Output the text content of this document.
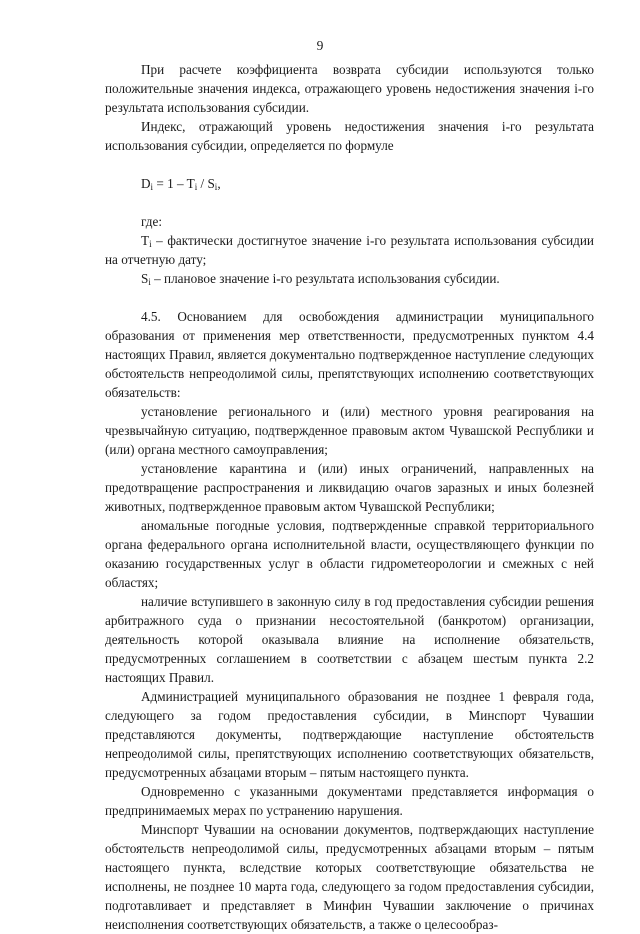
9

При расчете коэффициента возврата субсидии используются только положительные значения индекса, отражающего уровень недостижения значения i-го результата использования субсидии.

Индекс, отражающий уровень недостижения значения i-го результата использования субсидии, определяется по формуле

$D_i = 1 - T_i / S_i$,

где:

$T_i$ – фактически достигнутое значение i-го результата использования субсидии на отчетную дату;

$S_i$ – плановое значение i-го результата использования субсидии.

4.5. Основанием для освобождения администрации муниципального образования от применения мер ответственности, предусмотренных пунктом 4.4 настоящих Правил, является документально подтвержденное наступление следующих обстоятельств непреодолимой силы, препятствующих исполнению соответствующих обязательств:

установление регионального и (или) местного уровня реагирования на чрезвычайную ситуацию, подтвержденное правовым актом Чувашской Республики и (или) органа местного самоуправления;

установление карантина и (или) иных ограничений, направленных на предотвращение распространения и ликвидацию очагов заразных и иных болезней животных, подтвержденное правовым актом Чувашской Республики;

аномальные погодные условия, подтвержденные справкой территориального органа федерального органа исполнительной власти, осуществляющего функции по оказанию государственных услуг в области гидрометеорологии и смежных с ней областях;

наличие вступившего в законную силу в год предоставления субсидии решения арбитражного суда о признании несостоятельной (банкротом) организации, деятельность которой оказывала влияние на исполнение обязательств, предусмотренных соглашением в соответствии с абзацем шестым пункта 2.2 настоящих Правил.

Администрацией муниципального образования не позднее 1 февраля года, следующего за годом предоставления субсидии, в Минспорт Чувашии представляются документы, подтверждающие наступление обстоятельств непреодолимой силы, препятствующих исполнению соответствующих обязательств, предусмотренных абзацами вторым – пятым настоящего пункта.

Одновременно с указанными документами представляется информация о предпринимаемых мерах по устранению нарушения.

Минспорт Чувашии на основании документов, подтверждающих наступление обстоятельств непреодолимой силы, предусмотренных абзацами вторым – пятым настоящего пункта, вследствие которых соответствующие обязательства не исполнены, не позднее 10 марта года, следующего за годом предоставления субсидии, подготавливает и представляет в Минфин Чувашии заключение о причинах неисполнения соответствующих обязательств, а также о целесообраз-
